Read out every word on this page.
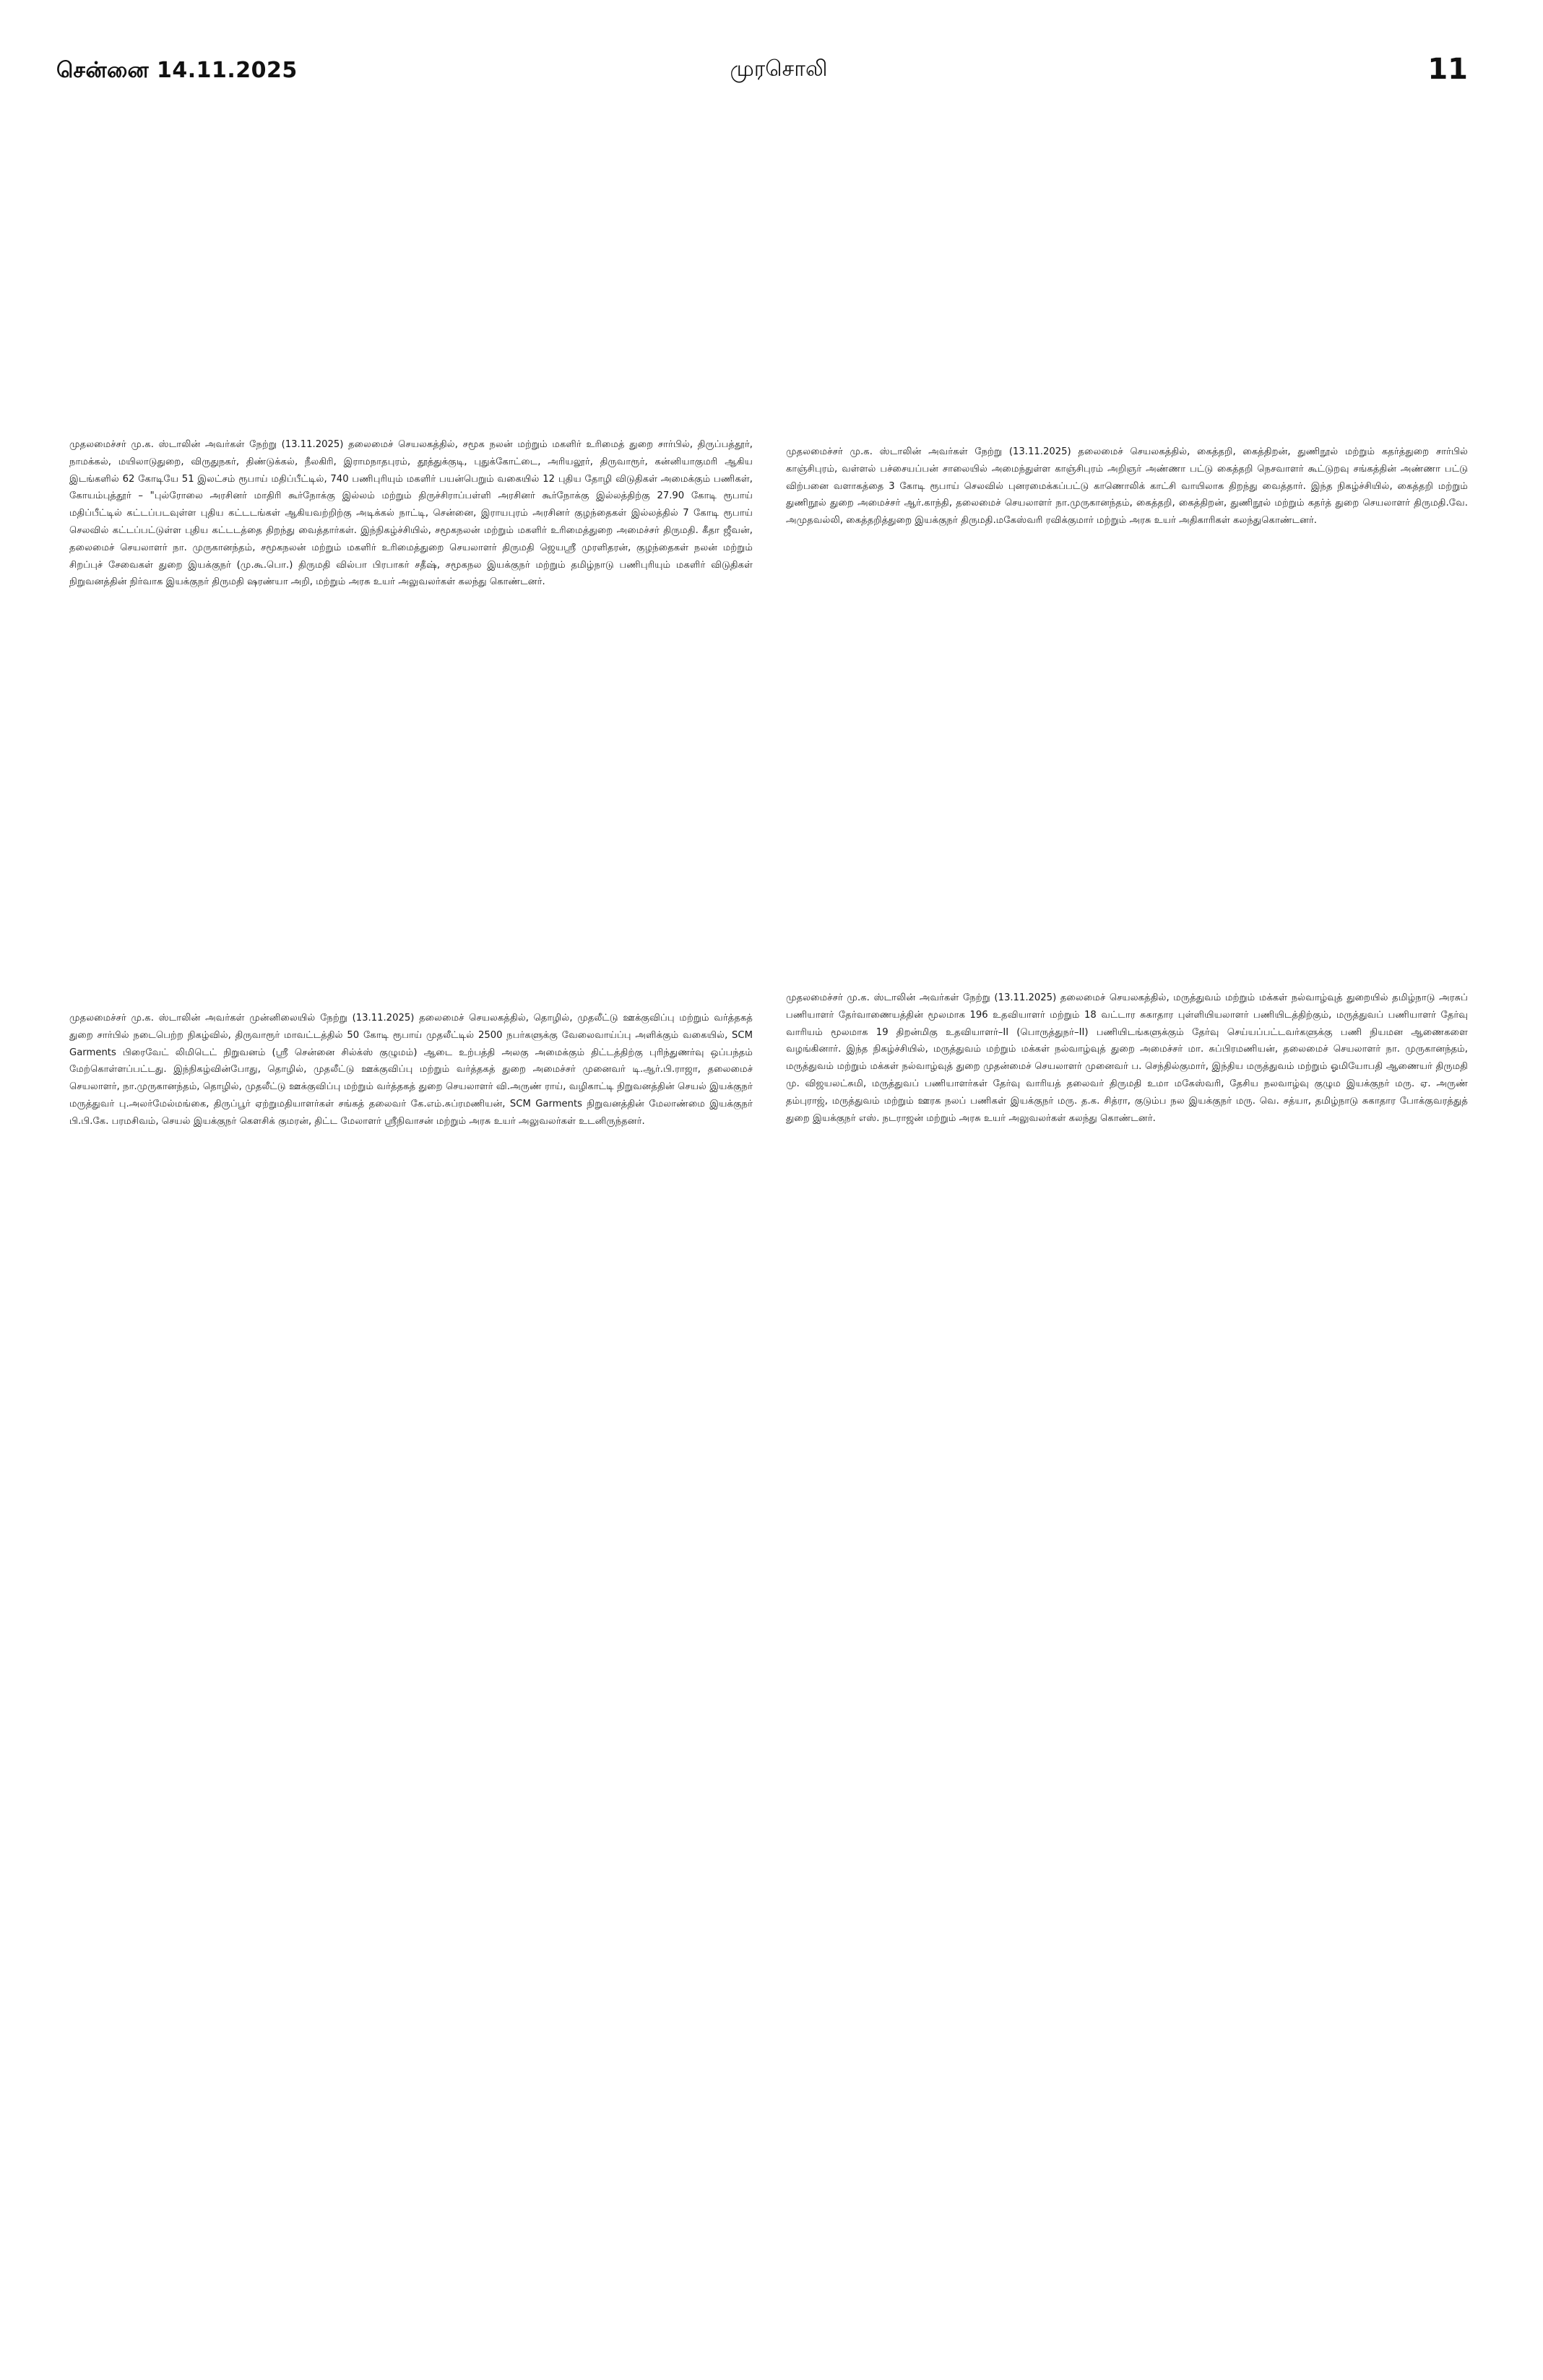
சென்னை 14.11.2025	முரசொலி	11

முதலமைச்சர் மு.க. ஸ்டாலின் அவர்கள் நேற்று (13.11.2025) தலைமைச் செயலகத்தில், சமூக நலன் மற்றும் மகளிர் உரிமைத் துறை சார்பில், திருப்பத்தூர், நாமக்கல், மயிலாடுதுறை, விருதுநகர், திண்டுக்கல், நீலகிரி, இராமநாதபுரம், தூத்துக்குடி, புதுக்கோட்டை, அரியலூர், திருவாரூர், கன்னியாகுமரி ஆகிய இடங்களில் 62 கோடியே 51 இலட்சம் ரூபாய் மதிப்பீட்டில், 740 பணிபுரியும் மகளிர் பயன்பெறும் வகையில் 12 புதிய தோழி விடுதிகள் அமைக்கும் பணிகள், கோயம்புத்தூர் – "புல்ரோலை அரசினர் மாதிரி கூர்நோக்கு இல்லம் மற்றும் திருச்சிராப்பள்ளி அரசினர் கூர்நோக்கு இல்லத்திற்கு 27.90 கோடி ரூபாய் மதிப்பீட்டில் கட்டப்படவுள்ள புதிய கட்டடங்கள் ஆகியவற்றிற்கு அடிக்கல் நாட்டி, சென்னை, இராயபுரம் அரசினர் குழந்தைகள் இல்லத்தில் 7 கோடி ரூபாய் செலவில் கட்டப்பட்டுள்ள புதிய கட்டடத்தை திறந்து வைத்தார்கள். இந்நிகழ்ச்சியில், சமூகநலன் மற்றும் மகளிர் உரிமைத்துறை அமைச்சர் திருமதி. கீதா ஜீவன், தலைமைச் செயலாளர் நா. முருகானந்தம், சமூகநலன் மற்றும் மகளிர் உரிமைத்துறை செயலாளர் திருமதி ஜெயஸ்ரீ முரளிதரன், குழந்தைகள் நலன் மற்றும் சிறப்புச் சேவைகள் துறை இயக்குநர் (மு.கூ.பொ.) திருமதி வில்பா பிரபாகர் சதீஷ், சமூகநல இயக்குநர் மற்றும் தமிழ்நாடு பணிபுரியும் மகளிர் விடுதிகள் நிறுவனத்தின் நிர்வாக இயக்குநர் திருமதி ஷரண்யா அறி, மற்றும் அரசு உயர் அலுவலர்கள் கலந்து கொண்டனர்.

முதலமைச்சர் மு.க. ஸ்டாலின் அவர்கள் நேற்று (13.11.2025) தலைமைச் செயலகத்தில், கைத்தறி, கைத்திறன், துணிநூல் மற்றும் கதர்த்துறை சார்பில் காஞ்சிபுரம், வள்ளல் பச்சையப்பன் சாலையில் அமைந்துள்ள காஞ்சிபுரம் அறிஞர் அண்ணா பட்டு கைத்தறி நெசவாளர் கூட்டுறவு சங்கத்தின் அண்ணா பட்டு விற்பனை வளாகத்தை 3 கோடி ரூபாய் செலவில் புனரமைக்கப்பட்டு காணொலிக் காட்சி வாயிலாக திறந்து வைத்தார். இந்த நிகழ்ச்சியில், கைத்தறி மற்றும் துணிநூல் துறை அமைச்சர் ஆர்.காந்தி, தலைமைச் செயலாளர் நா.முருகானந்தம், கைத்தறி, கைத்திறன், துணிநூல் மற்றும் கதர்த் துறை செயலாளர் திருமதி.வே. அமுதவல்லி, கைத்தறித்துறை இயக்குநர் திருமதி.மகேஸ்வரி ரவிக்குமார் மற்றும் அரசு உயர் அதிகாரிகள் கலந்துகொண்டனர்.

முதலமைச்சர் மு.க. ஸ்டாலின் அவர்கள் முன்னிலையில் நேற்று (13.11.2025) தலைமைச் செயலகத்தில், தொழில், முதலீட்டு ஊக்குவிப்பு மற்றும் வர்த்தகத் துறை சார்பில் நடைபெற்ற நிகழ்வில், திருவாரூர் மாவட்டத்தில் 50 கோடி ரூபாய் முதலீட்டில் 2500 நபர்களுக்கு வேலைவாய்ப்பு அளிக்கும் வகையில், SCM Garments பிரைவேட் லிமிடெட் நிறுவனம் (ஸ்ரீ சென்னை சில்க்ஸ் குழுமம்) ஆடை உற்பத்தி அலகு அமைக்கும் திட்டத்திற்கு புரிந்துணர்வு ஒப்பந்தம் மேற்கொள்ளப்பட்டது. இந்நிகழ்வின்போது, தொழில், முதலீட்டு ஊக்குவிப்பு மற்றும் வர்த்தகத் துறை அமைச்சர் முனைவர் டி.ஆர்.பி.ராஜா, தலைமைச் செயலாளர், நா.முருகானந்தம், தொழில், முதலீட்டு ஊக்குவிப்பு மற்றும் வர்த்தகத் துறை செயலாளர் வி.அருண் ராய், வழிகாட்டி நிறுவனத்தின் செயல் இயக்குநர் மருத்துவர் பு.அலர்மேல்மங்கை, திருப்பூர் ஏற்றுமதியாளர்கள் சங்கத் தலைவர் கே.எம்.சுப்ரமணியன், SCM Garments நிறுவனத்தின் மேலாண்மை இயக்குநர் பி.பி.கே. பரமசிவம், செயல் இயக்குநர் கௌசிக் குமரன், திட்ட மேலாளர் ஸ்ரீநிவாசன் மற்றும் அரசு உயர் அலுவலர்கள் உடனிருந்தனர்.

முதலமைச்சர் மு.க. ஸ்டாலின் அவர்கள் நேற்று (13.11.2025) தலைமைச் செயலகத்தில், மருத்துவம் மற்றும் மக்கள் நல்வாழ்வுத் துறையில் தமிழ்நாடு அரசுப் பணியாளர் தேர்வாணையத்தின் மூலமாக 196 உதவியாளர் மற்றும் 18 வட்டார சுகாதார புள்ளியியலாளர் பணியிடத்திற்கும், மருத்துவப் பணியாளர் தேர்வு வாரியம் மூலமாக 19 திறன்மிகு உதவியாளர்–II (பொருத்துநர்–II) பணியிடங்களுக்கும் தேர்வு செய்யப்பட்டவர்களுக்கு பணி நியமன ஆணைகளை வழங்கினார். இந்த நிகழ்ச்சியில், மருத்துவம் மற்றும் மக்கள் நல்வாழ்வுத் துறை அமைச்சர் மா. சுப்பிரமணியன், தலைமைச் செயலாளர் நா. முருகானந்தம், மருத்துவம் மற்றும் மக்கள் நல்வாழ்வுத் துறை முதன்மைச் செயலாளர் முனைவர் ப. செந்தில்குமார், இந்திய மருத்துவம் மற்றும் ஓமியோபதி ஆணையர் திருமதி மு. விஜயலட்சுமி, மருத்துவப் பணியாளர்கள் தேர்வு வாரியத் தலைவர் திருமதி உமா மகேஸ்வரி, தேசிய நலவாழ்வு குழும இயக்குநர் மரு. ஏ. அருண் தம்புராஜ், மருத்துவம் மற்றும் ஊரக நலப் பணிகள் இயக்குநர் மரு. த.க. சித்ரா, குடும்ப நல இயக்குநர் மரு. வெ. சத்யா, தமிழ்நாடு சுகாதார போக்குவரத்துத் துறை இயக்குநர் எஸ். நடராஜன் மற்றும் அரசு உயர் அலுவலர்கள் கலந்து கொண்டனர்.
